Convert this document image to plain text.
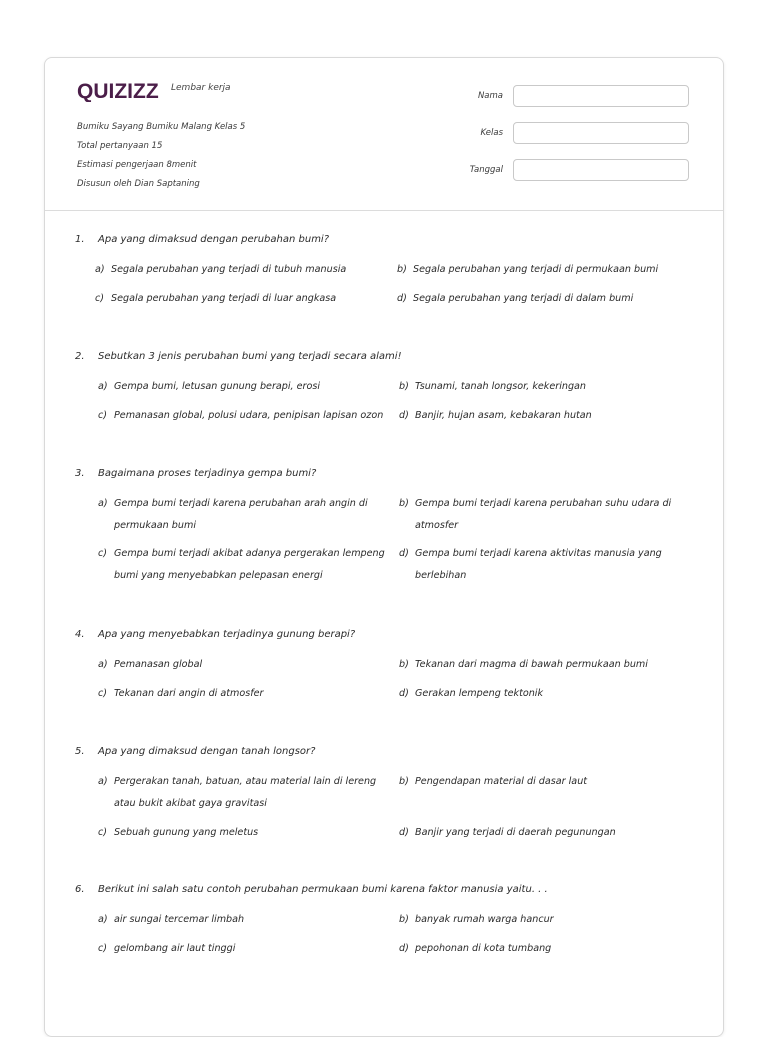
QUIZIZZ Lembar kerja
Bumiku Sayang Bumiku Malang Kelas 5
Total pertanyaan 15
Estimasi pengerjaan 8menit
Disusun oleh Dian Saptaning
Nama
Kelas
Tanggal
1.	Apa yang dimaksud dengan perubahan bumi?
a) Segala perubahan yang terjadi di tubuh manusia	b) Segala perubahan yang terjadi di permukaan bumi
c) Segala perubahan yang terjadi di luar angkasa	d) Segala perubahan yang terjadi di dalam bumi
2.	Sebutkan 3 jenis perubahan bumi yang terjadi secara alami!
a) Gempa bumi, letusan gunung berapi, erosi	b) Tsunami, tanah longsor, kekeringan
c) Pemanasan global, polusi udara, penipisan lapisan ozon	d) Banjir, hujan asam, kebakaran hutan
3.	Bagaimana proses terjadinya gempa bumi?
a) Gempa bumi terjadi karena perubahan arah angin di permukaan bumi
b) Gempa bumi terjadi karena perubahan suhu udara di atmosfer
c) Gempa bumi terjadi akibat adanya pergerakan lempeng bumi yang menyebabkan pelepasan energi
d) Gempa bumi terjadi karena aktivitas manusia yang berlebihan
4.	Apa yang menyebabkan terjadinya gunung berapi?
a) Pemanasan global	b) Tekanan dari magma di bawah permukaan bumi
c) Tekanan dari angin di atmosfer	d) Gerakan lempeng tektonik
5.	Apa yang dimaksud dengan tanah longsor?
a) Pergerakan tanah, batuan, atau material lain di lereng atau bukit akibat gaya gravitasi
b) Pengendapan material di dasar laut
c) Sebuah gunung yang meletus	d) Banjir yang terjadi di daerah pegunungan
6.	Berikut ini salah satu contoh perubahan permukaan bumi karena faktor manusia yaitu. . .
a) air sungai tercemar limbah	b) banyak rumah warga hancur
c) gelombang air laut tinggi	d) pepohonan di kota tumbang
